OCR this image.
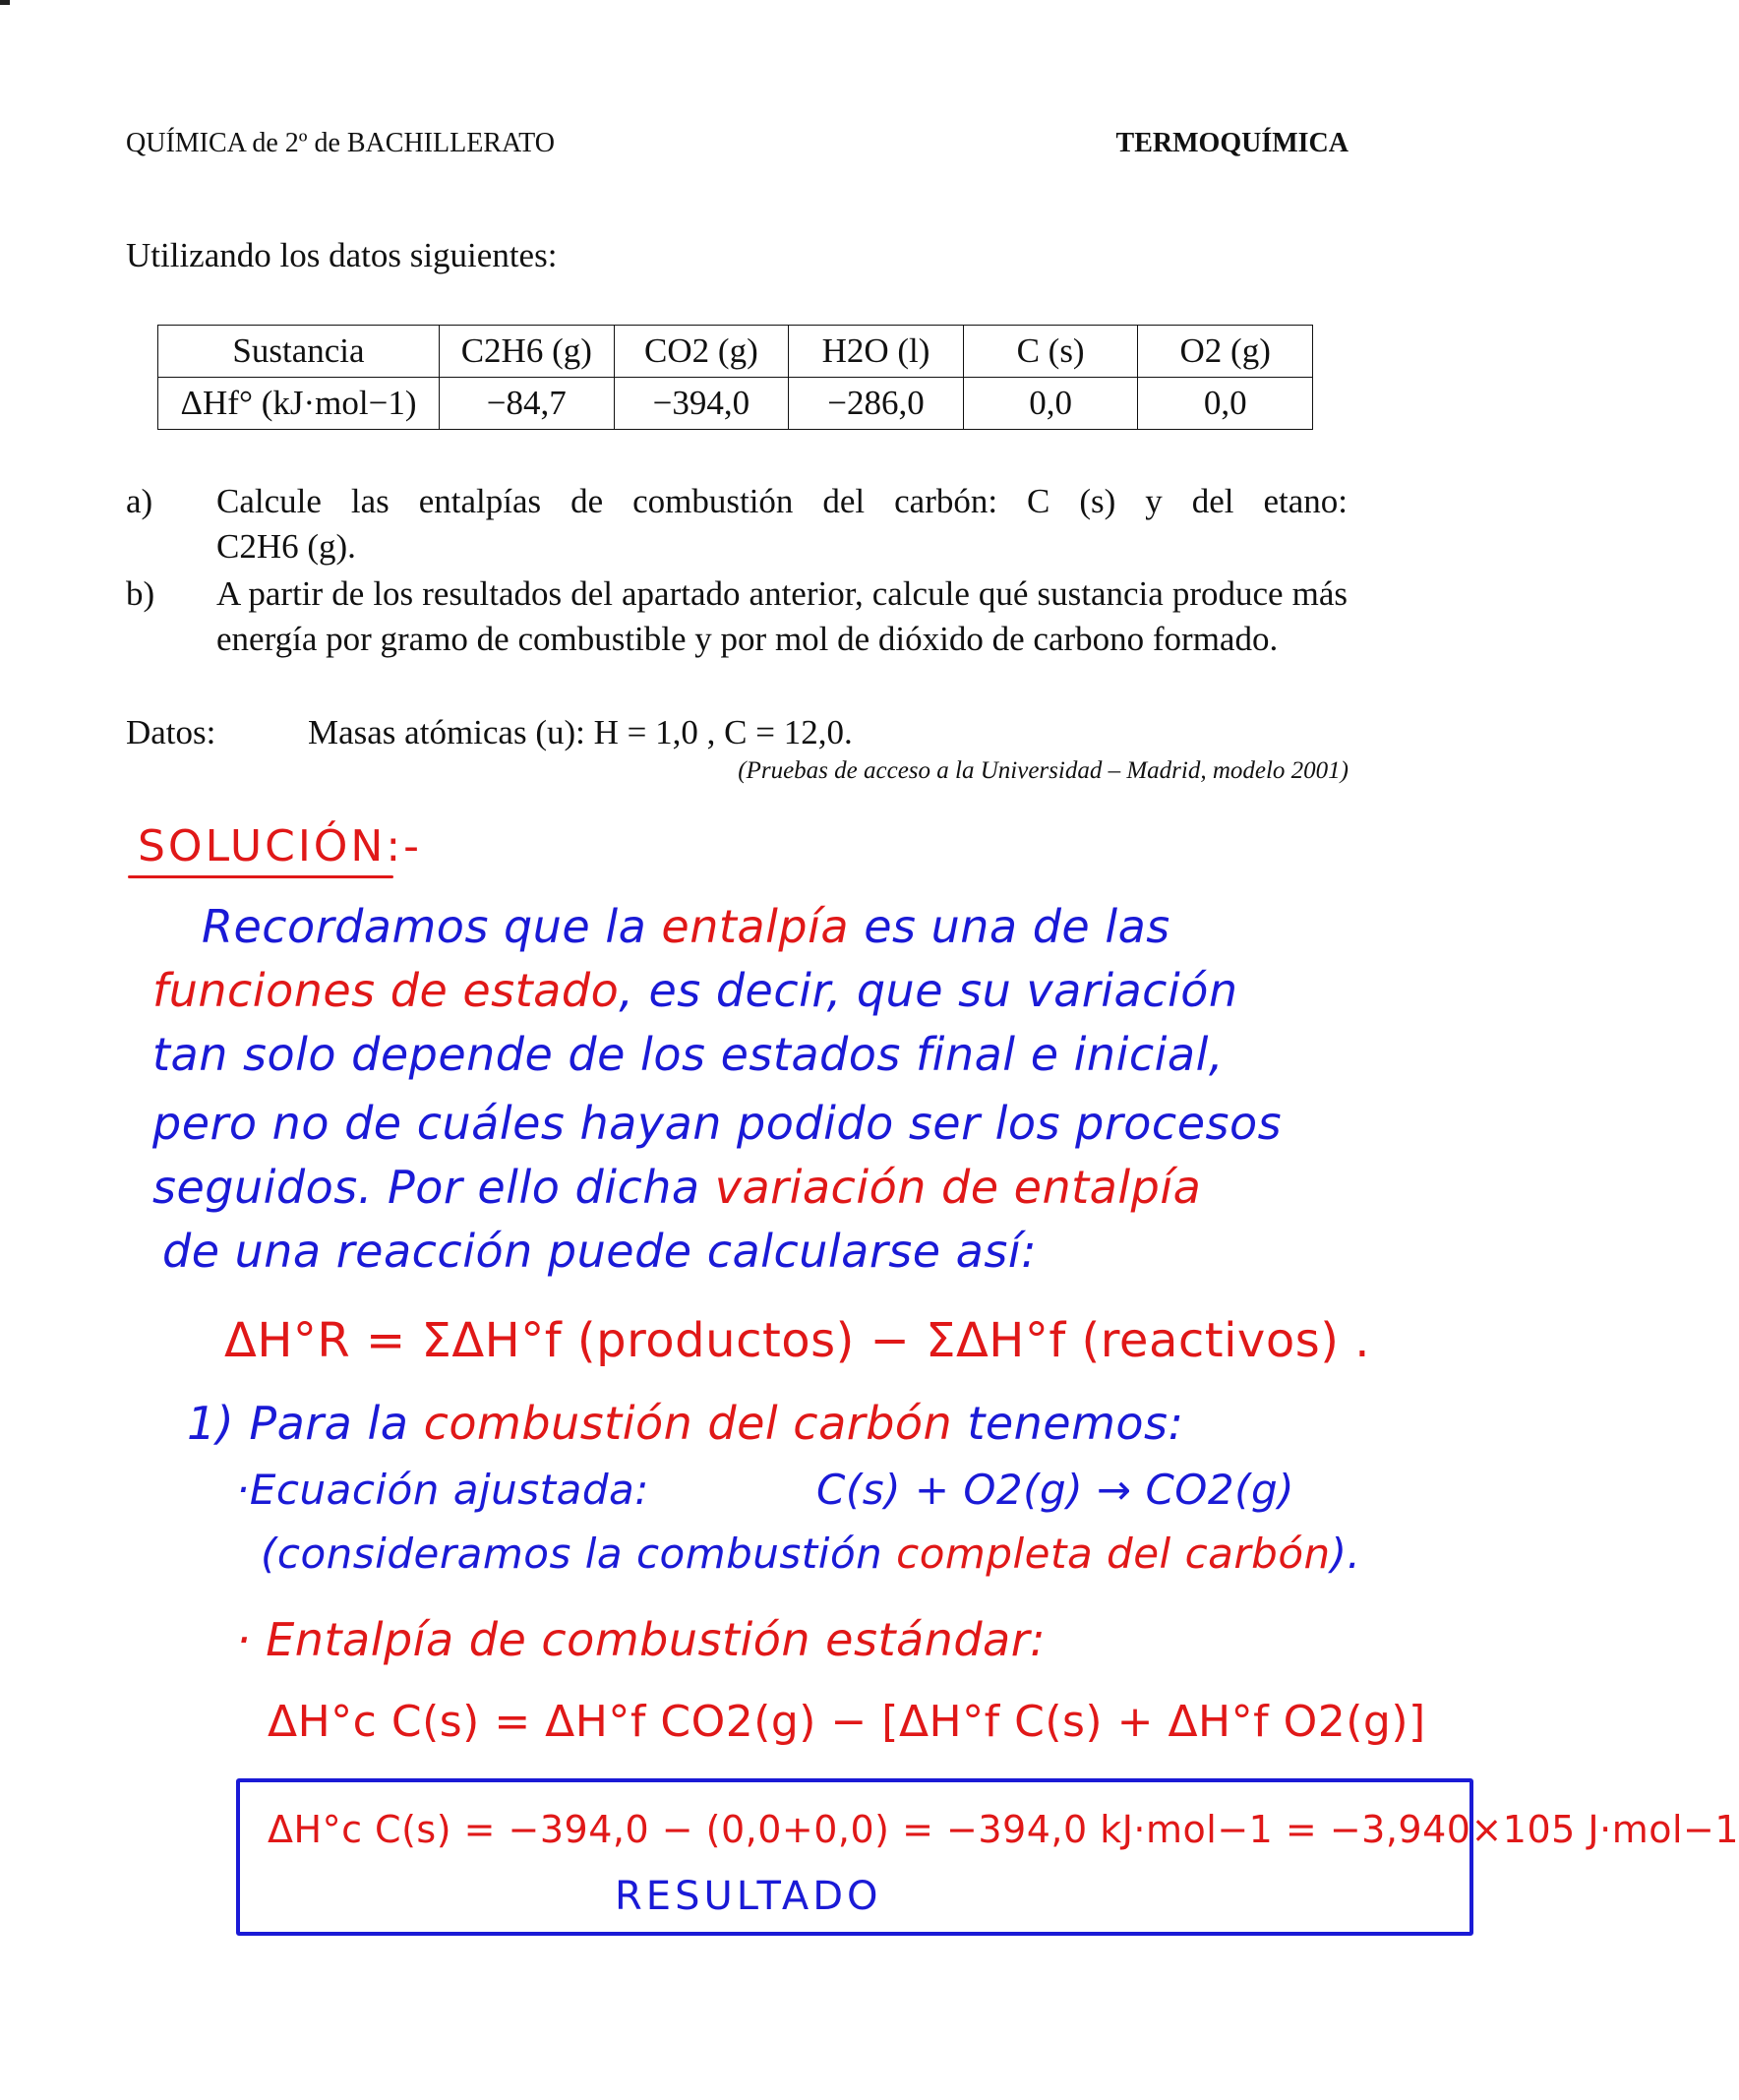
QUÍMICA de 2º de BACHILLERATO	TERMOQUÍMICA
Utilizando los datos siguientes:
Sustancia	C2H6 (g)	CO2 (g)	H2O (l)	C (s)	O2 (g)
ΔHf° (kJ·mol−1)	−84,7	−394,0	−286,0	0,0	0,0
a) Calcule las entalpías de combustión del carbón: C (s) y del etano:
C2H6 (g).
b) A partir de los resultados del apartado anterior, calcule qué sustancia produce más energía por gramo de combustible y por mol de dióxido de carbono formado.
Datos:	Masas atómicas (u): H = 1,0 , C = 12,0.
(Pruebas de acceso a la Universidad – Madrid, modelo 2001)
SOLUCIÓN:-
Recordamos que la entalpía es una de las
funciones de estado, es decir, que su variación
tan solo depende de los estados final e inicial,
pero no de cuáles hayan podido ser los procesos
seguidos. Por ello dicha variación de entalpía
de una reacción puede calcularse así:
ΔH°R = ΣΔH°f (productos) − ΣΔH°f (reactivos) .
1) Para la combustión del carbón tenemos:
·Ecuación ajustada:	C(s) + O2(g) → CO2(g)
(consideramos la combustión completa del carbón).
· Entalpía de combustión estándar:
ΔH°c C(s) = ΔH°f CO2(g) − [ΔH°f C(s) + ΔH°f O2(g)]
ΔH°c C(s) = −394,0 − (0,0+0,0) = −394,0 kJ·mol−1 = −3,940×105 J·mol−1
RESULTADO
